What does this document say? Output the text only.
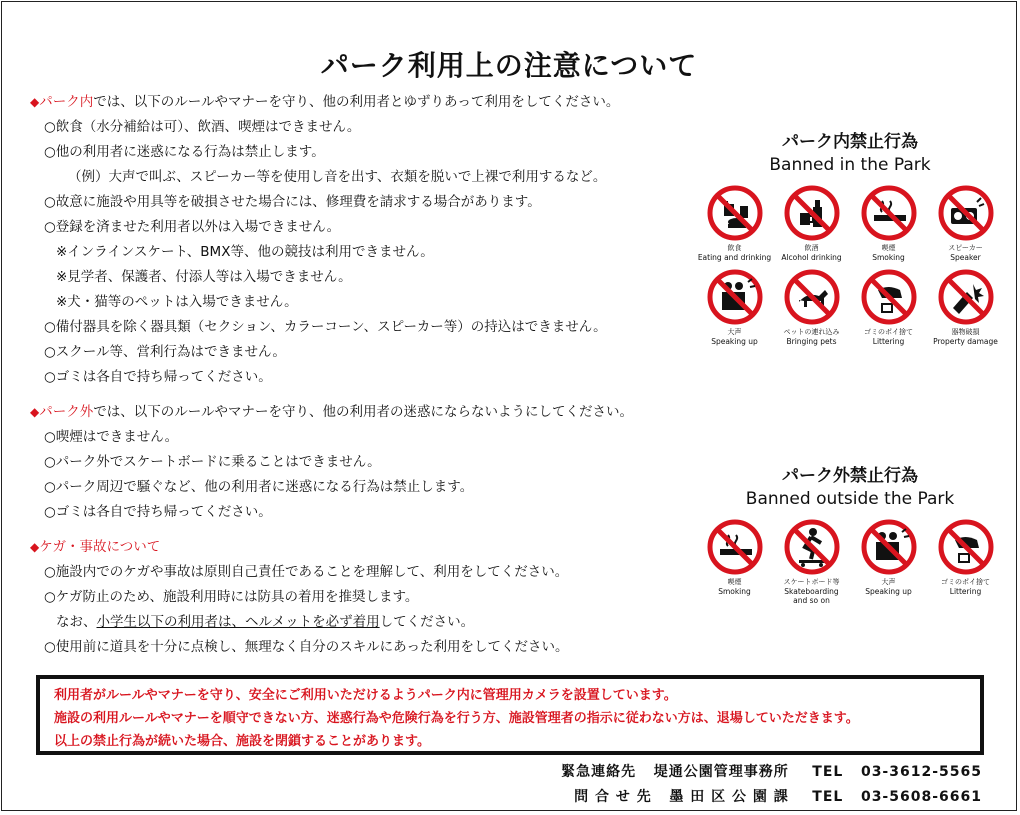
パーク利用上の注意について
◆パーク内では、以下のルールやマナーを守り、他の利用者とゆずりあって利用をしてください。
○飲食（水分補給は可）、飲酒、喫煙はできません。
○他の利用者に迷惑になる行為は禁止します。
（例）大声で叫ぶ、スピーカー等を使用し音を出す、衣類を脱いで上裸で利用するなど。
○故意に施設や用具等を破損させた場合には、修理費を請求する場合があります。
○登録を済ませた利用者以外は入場できません。
※インラインスケート、BMX等、他の競技は利用できません。
※見学者、保護者、付添人等は入場できません。
※犬・猫等のペットは入場できません。
○備付器具を除く器具類（セクション、カラーコーン、スピーカー等）の持込はできません。
○スクール等、営利行為はできません。
○ゴミは各自で持ち帰ってください。
◆パーク外では、以下のルールやマナーを守り、他の利用者の迷惑にならないようにしてください。
○喫煙はできません。
○パーク外でスケートボードに乗ることはできません。
○パーク周辺で騒ぐなど、他の利用者に迷惑になる行為は禁止します。
○ゴミは各自で持ち帰ってください。
◆ケガ・事故について
○施設内でのケガや事故は原則自己責任であることを理解して、利用をしてください。
○ケガ防止のため、施設利用時には防具の着用を推奨します。
なお、小学生以下の利用者は、ヘルメットを必ず着用してください。
○使用前に道具を十分に点検し、無理なく自分のスキルにあった利用をしてください。
パーク内禁止行為
Banned in the Park
飲食
Eating and drinking
飲酒
Alcohol drinking
喫煙
Smoking
スピーカー
Speaker
大声
Speaking up
ペットの連れ込み
Bringing pets
ゴミのポイ捨て
Littering
器物破損
Property damage
パーク外禁止行為
Banned outside the Park
喫煙
Smoking
スケートボード等
Skateboarding
and so on
大声
Speaking up
ゴミのポイ捨て
Littering
利用者がルールやマナーを守り、安全にご利用いただけるようパーク内に管理用カメラを設置しています。
施設の利用ルールやマナーを順守できない方、迷惑行為や危険行為を行う方、施設管理者の指示に従わない方は、退場していただきます。
以上の禁止行為が続いた場合、施設を閉鎖することがあります。
緊急連絡先 堤通公園管理事務所 TEL 03-3612-5565
問 合 せ 先 墨 田 区 公 園 課 TEL 03-5608-6661
